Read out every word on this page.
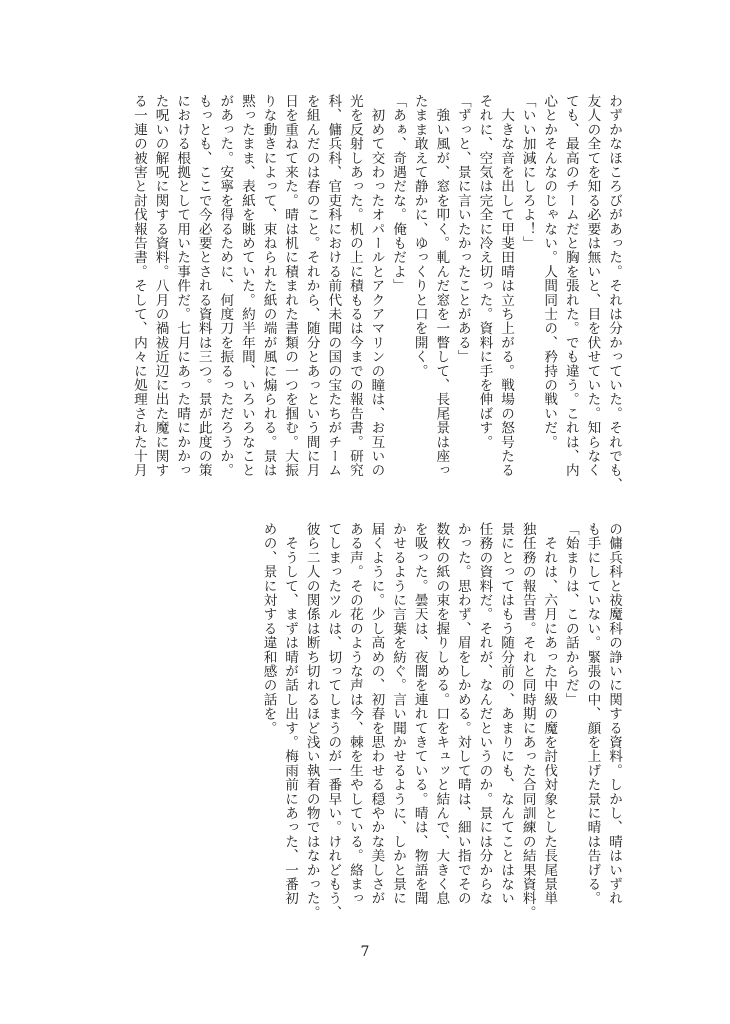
わずかなほころびがあった。それは分かっていた。それでも、
友人の全てを知る必要は無いと、目を伏せていた。知らなく
ても、最高のチームだと胸を張れた。でも違う。これは、内
心とかそんなのじゃない。人間同士の、矜持の戦いだ。
「いい加減にしろよ！」
　大きな音を出して甲斐田晴は立ち上がる。戦場の怒号たる
それに、空気は完全に冷え切った。資料に手を伸ばす。
「ずっと、景に言いたかったことがある」
　強い風が、窓を叩く。軋んだ窓を一瞥して、長尾景は座っ
たまま敢えて静かに、ゆっくりと口を開く。
「あぁ、奇遇だな。俺もだよ」
　初めて交わったオパールとアクアマリンの瞳は、お互いの
光を反射しあった。机の上に積もるは今までの報告書。研究
科、傭兵科、官吏科における前代未聞の国の宝たちがチーム
を組んだのは春のこと。それから、随分とあっという間に月
日を重ねて来た。晴は机に積まれた書類の一つを掴む。大振
りな動きによって、束ねられた紙の端が風に煽られる。景は
黙ったまま、表紙を眺めていた。約半年間、いろいろなこと
があった。安寧を得るために、何度刀を振るっただろうか。
もっとも、ここで今必要とされる資料は三つ。景が此度の策
における根拠として用いた事件だ。七月にあった晴にかかっ
た呪いの解呪に関する資料。八月の禍祓近辺に出た魔に関す
る一連の被害と討伐報告書。そして、内々に処理された十月
の傭兵科と祓魔科の諍いに関する資料。しかし、晴はいずれ
も手にしていない。緊張の中、顔を上げた景に晴は告げる。
「始まりは、この話からだ」
　それは、六月にあった中級の魔を討伐対象とした長尾景単
独任務の報告書。それと同時期にあった合同訓練の結果資料。
景にとってはもう随分前の、あまりにも、なんてことはない
任務の資料だ。それが、なんだというのか。景には分からな
かった。思わず、眉をしかめる。対して晴は、細い指でその
数枚の紙の束を握りしめる。口をキュッと結んで、大きく息
を吸った。曇天は、夜闇を連れてきている。晴は、物語を聞
かせるように言葉を紡ぐ。言い聞かせるように、しかと景に
届くように。少し高めの、初春を思わせる穏やかな美しさが
ある声。その花のような声は今、棘を生やしている。絡まっ
てしまったツルは、切ってしまうのが一番早い。けれどもう、
彼ら二人の関係は断ち切れるほど浅い執着の物ではなかった。
　そうして、まずは晴が話し出す。梅雨前にあった、一番初
めの、景に対する違和感の話を。
7
